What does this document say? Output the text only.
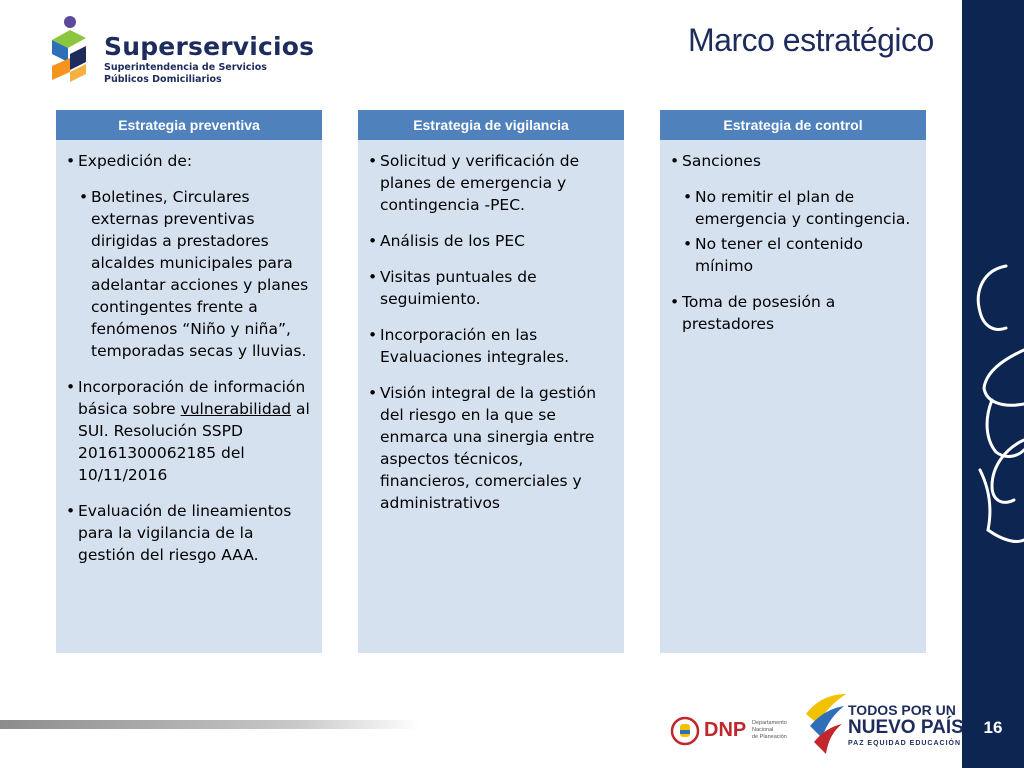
Superservicios
Superintendencia de Servicios
Públicos Domiciliarios
Marco estratégico
16
Estrategia preventiva
• Expedición de:
• Boletines, Circulares externas preventivas dirigidas a prestadores alcaldes municipales para adelantar acciones y planes contingentes frente a fenómenos “Niño y niña”, temporadas secas y lluvias.
• Incorporación de información básica sobre vulnerabilidad al SUI. Resolución SSPD 20161300062185 del 10/11/2016
• Evaluación de lineamientos para la vigilancia de la gestión del riesgo AAA.
Estrategia de vigilancia
• Solicitud y verificación de planes de emergencia y contingencia -PEC.
• Análisis de los PEC
• Visitas puntuales de seguimiento.
• Incorporación en las Evaluaciones integrales.
• Visión integral de la gestión del riesgo en la que se enmarca una sinergia entre aspectos técnicos, financieros, comerciales y administrativos
Estrategia de control
• Sanciones
• No remitir el plan de emergencia y contingencia.
• No tener el contenido mínimo
• Toma de posesión a prestadores
DNP Departamento
Nacional
de Planeación
TODOS POR UN
NUEVO PAÍS
PAZ EQUIDAD EDUCACIÓN
